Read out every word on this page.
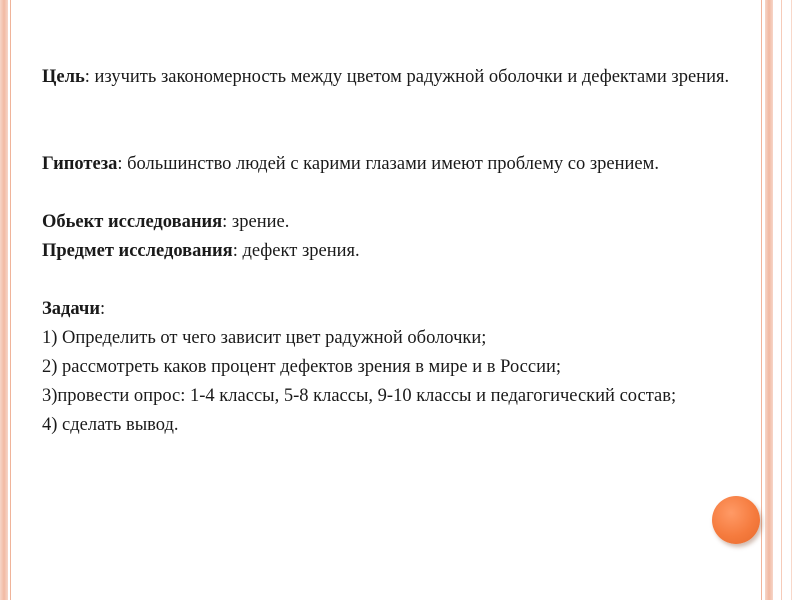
Цель: изучить закономерность между цветом радужной оболочки и дефектами зрения.

Гипотеза: большинство людей с карими глазами имеют проблему со зрением.

Обьект исследования: зрение.

Предмет исследования: дефект зрения.

Задачи:

1) Определить от чего зависит цвет радужной оболочки;

2) рассмотреть каков процент дефектов зрения в мире и в России;

3)провести опрос: 1-4 классы, 5-8 классы, 9-10 классы и педагогический состав;

4) сделать вывод.
